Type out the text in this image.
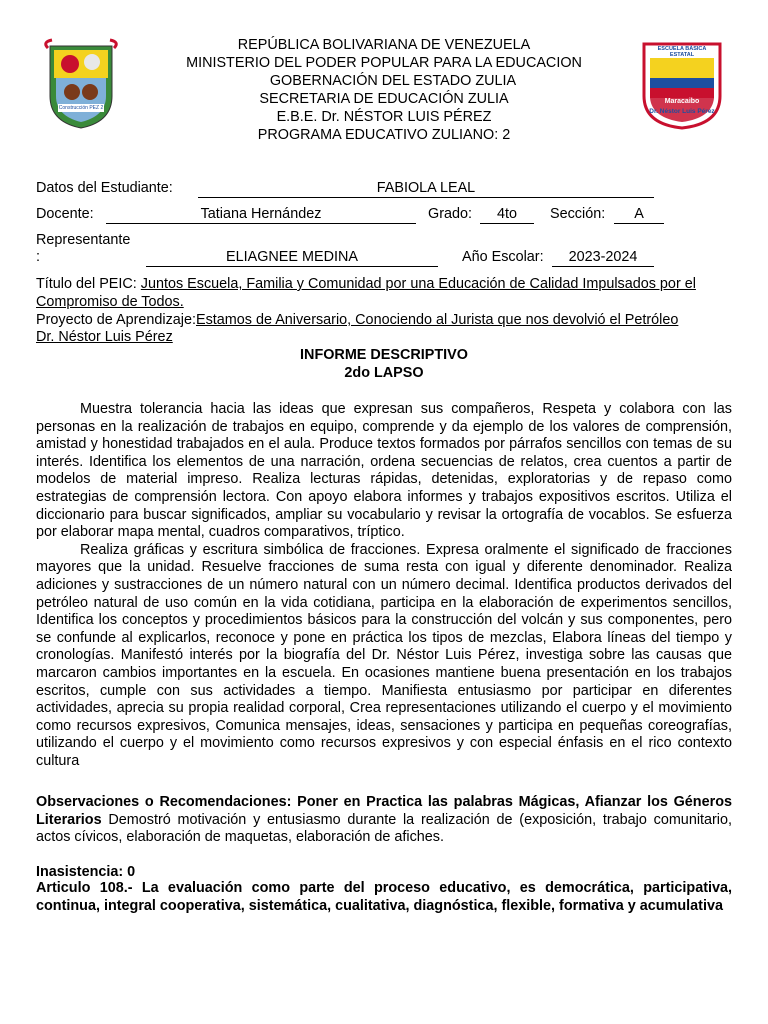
Construcción PEZ 2
ESCUELA BÁSICA ESTATAL
Maracaibo
Dr. Néstor Luis Pérez
REPÚBLICA BOLIVARIANA DE VENEZUELA
MINISTERIO DEL PODER POPULAR PARA LA EDUCACION
GOBERNACIÓN DEL ESTADO ZULIA
SECRETARIA DE EDUCACIÓN ZULIA
E.B.E. Dr. NÉSTOR LUIS PÉREZ
PROGRAMA EDUCATIVO ZULIANO: 2
Datos del Estudiante:	FABIOLA LEAL
Docente:	Tatiana Hernández	Grado:	4to	Sección:	A
Representante
:	ELIAGNEE MEDINA	Año Escolar:	2023-2024
Título del PEIC: Juntos Escuela, Familia y Comunidad por una Educación de Calidad Impulsados por el
Compromiso de Todos.
Proyecto de Aprendizaje:Estamos de Aniversario, Conociendo al Jurista que nos devolvió el Petróleo
Dr. Néstor Luis Pérez
INFORME DESCRIPTIVO
2do LAPSO

Muestra tolerancia hacia las ideas que expresan sus compañeros, Respeta y colabora con las personas en la realización de trabajos en equipo, comprende y da ejemplo de los valores de comprensión, amistad y honestidad trabajados en el aula. Produce textos formados por párrafos sencillos con temas de su interés. Identifica los elementos de una narración, ordena secuencias de relatos, crea cuentos a partir de modelos de material impreso. Realiza lecturas rápidas, detenidas, exploratorias y de repaso como estrategias de comprensión lectora. Con apoyo elabora informes y trabajos expositivos escritos. Utiliza el diccionario para buscar significados, ampliar su vocabulario y revisar la ortografía de vocablos. Se esfuerza por elaborar mapa mental, cuadros comparativos, tríptico.

Realiza gráficas y escritura simbólica de fracciones. Expresa oralmente el significado de fracciones mayores que la unidad. Resuelve fracciones de suma resta con igual y diferente denominador. Realiza adiciones y sustracciones de un número natural con un número decimal. Identifica productos derivados del petróleo natural de uso común en la vida cotidiana, participa en la elaboración de experimentos sencillos, Identifica los conceptos y procedimientos básicos para la construcción del volcán y sus componentes, pero se confunde al explicarlos, reconoce y pone en práctica los tipos de mezclas, Elabora líneas del tiempo y cronologías. Manifestó interés por la biografía del Dr. Néstor Luis Pérez, investiga sobre las causas que marcaron cambios importantes en la escuela. En ocasiones mantiene buena presentación en los trabajos escritos, cumple con sus actividades a tiempo. Manifiesta entusiasmo por participar en diferentes actividades, aprecia su propia realidad corporal, Crea representaciones utilizando el cuerpo y el movimiento como recursos expresivos, Comunica mensajes, ideas, sensaciones y participa en pequeñas coreografías, utilizando el cuerpo y el movimiento como recursos expresivos y con especial énfasis en el rico contexto cultura

Observaciones o Recomendaciones: Poner en Practica las palabras Mágicas, Afianzar los Géneros Literarios Demostró motivación y entusiasmo durante la realización de (exposición, trabajo comunitario, actos cívicos, elaboración de maquetas, elaboración de afiches.
Inasistencia: 0
Articulo 108.- La evaluación como parte del proceso educativo, es democrática, participativa, continua, integral cooperativa, sistemática, cualitativa, diagnóstica, flexible, formativa y acumulativa
